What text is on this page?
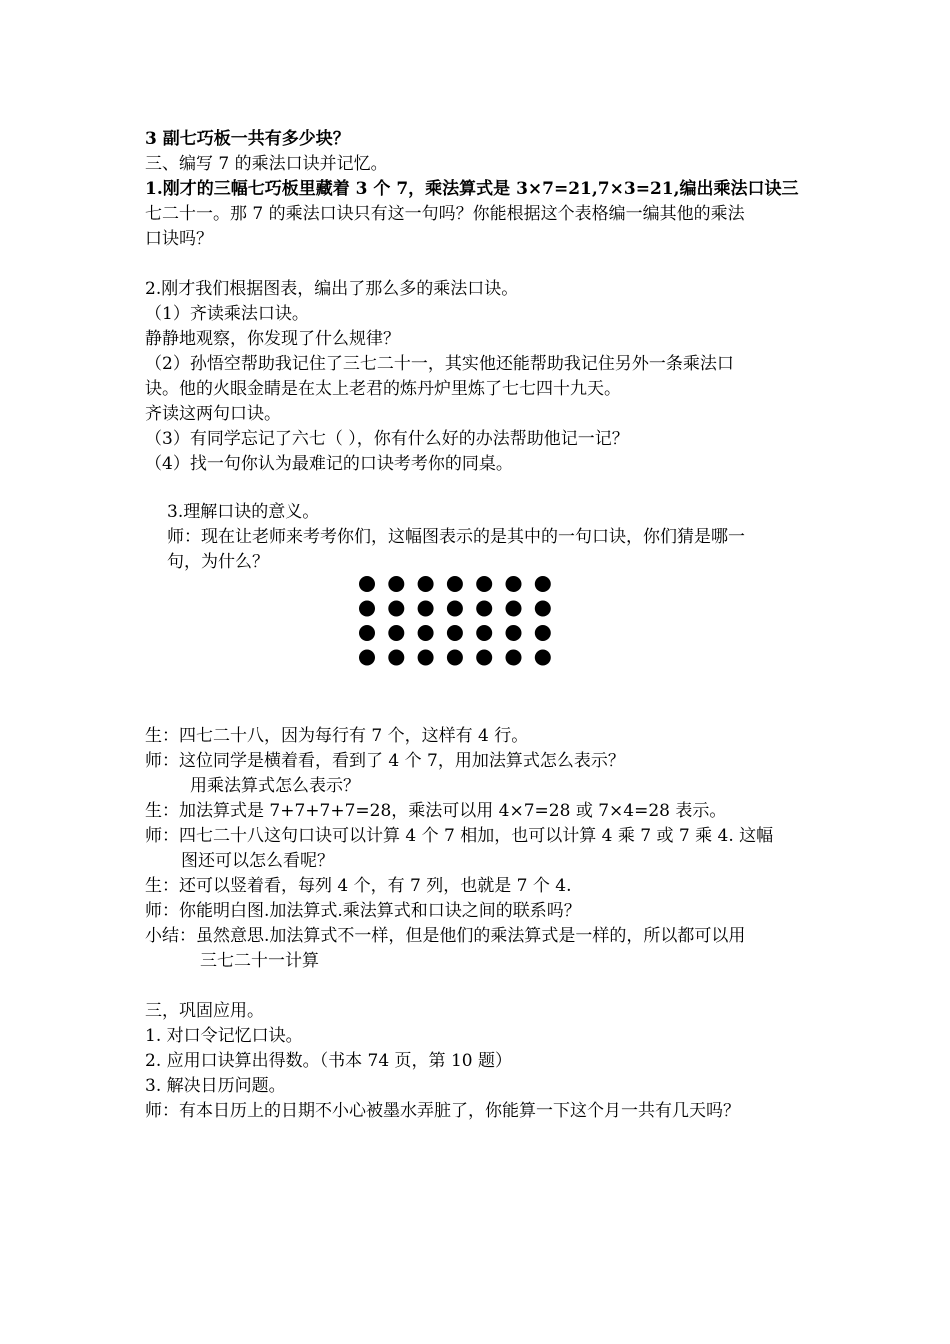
3 副七巧板一共有多少块？
三、编写 7 的乘法口诀并记忆。
1.刚才的三幅七巧板里藏着 3 个 7，乘法算式是 3×7=21,7×3=21,编出乘法口诀三
七二十一。那 7 的乘法口诀只有这一句吗？你能根据这个表格编一编其他的乘法
口诀吗？
2.刚才我们根据图表，编出了那么多的乘法口诀。
（1）齐读乘法口诀。
静静地观察，你发现了什么规律？
（2）孙悟空帮助我记住了三七二十一，其实他还能帮助我记住另外一条乘法口
诀。他的火眼金睛是在太上老君的炼丹炉里炼了七七四十九天。
齐读这两句口诀。
（3）有同学忘记了六七（ ），你有什么好的办法帮助他记一记？
（4）找一句你认为最难记的口诀考考你的同桌。
3.理解口诀的意义。
师：现在让老师来考考你们，这幅图表示的是其中的一句口诀，你们猜是哪一
句，为什么？
生：四七二十八，因为每行有 7 个，这样有 4 行。
师：这位同学是横着看，看到了 4 个 7，用加法算式怎么表示？
用乘法算式怎么表示？
生：加法算式是 7+7+7+7=28，乘法可以用 4×7=28 或 7×4=28 表示。
师：四七二十八这句口诀可以计算 4 个 7 相加，也可以计算 4 乘 7 或 7 乘 4. 这幅
图还可以怎么看呢？
生：还可以竖着看，每列 4 个，有 7 列，也就是 7 个 4.
师：你能明白图.加法算式.乘法算式和口诀之间的联系吗？
小结：虽然意思.加法算式不一样，但是他们的乘法算式是一样的，所以都可以用
三七二十一计算
三，巩固应用。
1. 对口令记忆口诀。
2. 应用口诀算出得数。（书本 74 页，第 10 题）
3. 解决日历问题。
师：有本日历上的日期不小心被墨水弄脏了，你能算一下这个月一共有几天吗？
